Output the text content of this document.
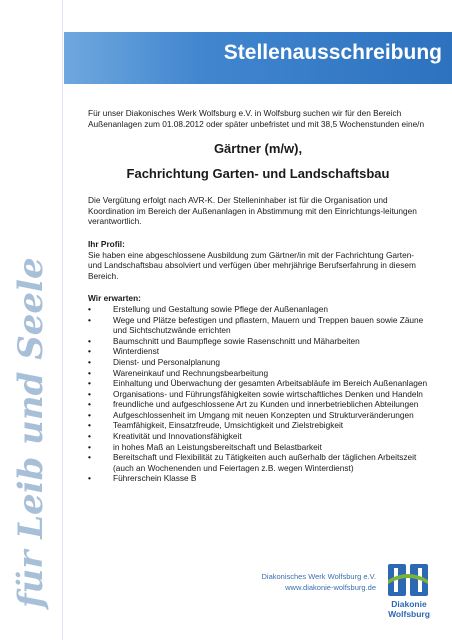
für Leib und Seele
Stellenausschreibung

Für unser Diakonisches Werk Wolfsburg e.V. in Wolfsburg suchen wir für den Bereich Außenanlagen zum 01.08.2012 oder später unbefristet und mit 38,5 Wochenstunden eine/n

Gärtner (m/w),

Fachrichtung Garten- und Landschaftsbau

Die Vergütung erfolgt nach AVR-K. Der Stelleninhaber ist für die Organisation und Koordination im Bereich der Außenanlagen in Abstimmung mit den Einrichtungs-leitungen verantwortlich.

Ihr Profil:

Sie haben eine abgeschlossene Ausbildung zum Gärtner/in mit der Fachrichtung Garten- und Landschaftsbau absolviert und verfügen über mehrjährige Berufserfahrung in diesem Bereich.

Wir erwarten:

•	Erstellung und Gestaltung sowie Pflege der Außenanlagen
•	Wege und Plätze befestigen und pflastern, Mauern und Treppen bauen sowie Zäune und Sichtschutzwände errichten
•	Baumschnitt und Baumpflege sowie Rasenschnitt und Mäharbeiten
•	Winterdienst
•	Dienst- und Personalplanung
•	Wareneinkauf und Rechnungsbearbeitung
•	Einhaltung und Überwachung der gesamten Arbeitsabläufe im Bereich Außenanlagen
•	Organisations- und Führungsfähigkeiten sowie wirtschaftliches Denken und Handeln
•	freundliche und aufgeschlossene Art zu Kunden und innerbetrieblichen Abteilungen
•	Aufgeschlossenheit im Umgang mit neuen Konzepten und Strukturveränderungen
•	Teamfähigkeit, Einsatzfreude, Umsichtigkeit und Zielstrebigkeit
•	Kreativität und Innovationsfähigkeit
•	in hohes Maß an Leistungsbereitschaft und Belastbarkeit
•	Bereitschaft und Flexibilität zu Tätigkeiten auch außerhalb der täglichen Arbeitszeit (auch an Wochenenden und Feiertagen z.B. wegen Winterdienst)
•	Führerschein Klasse B
Diakonisches Werk Wolfsburg e.V.
www.diakonie-wolfsburg.de
Diakonie
Wolfsburg
